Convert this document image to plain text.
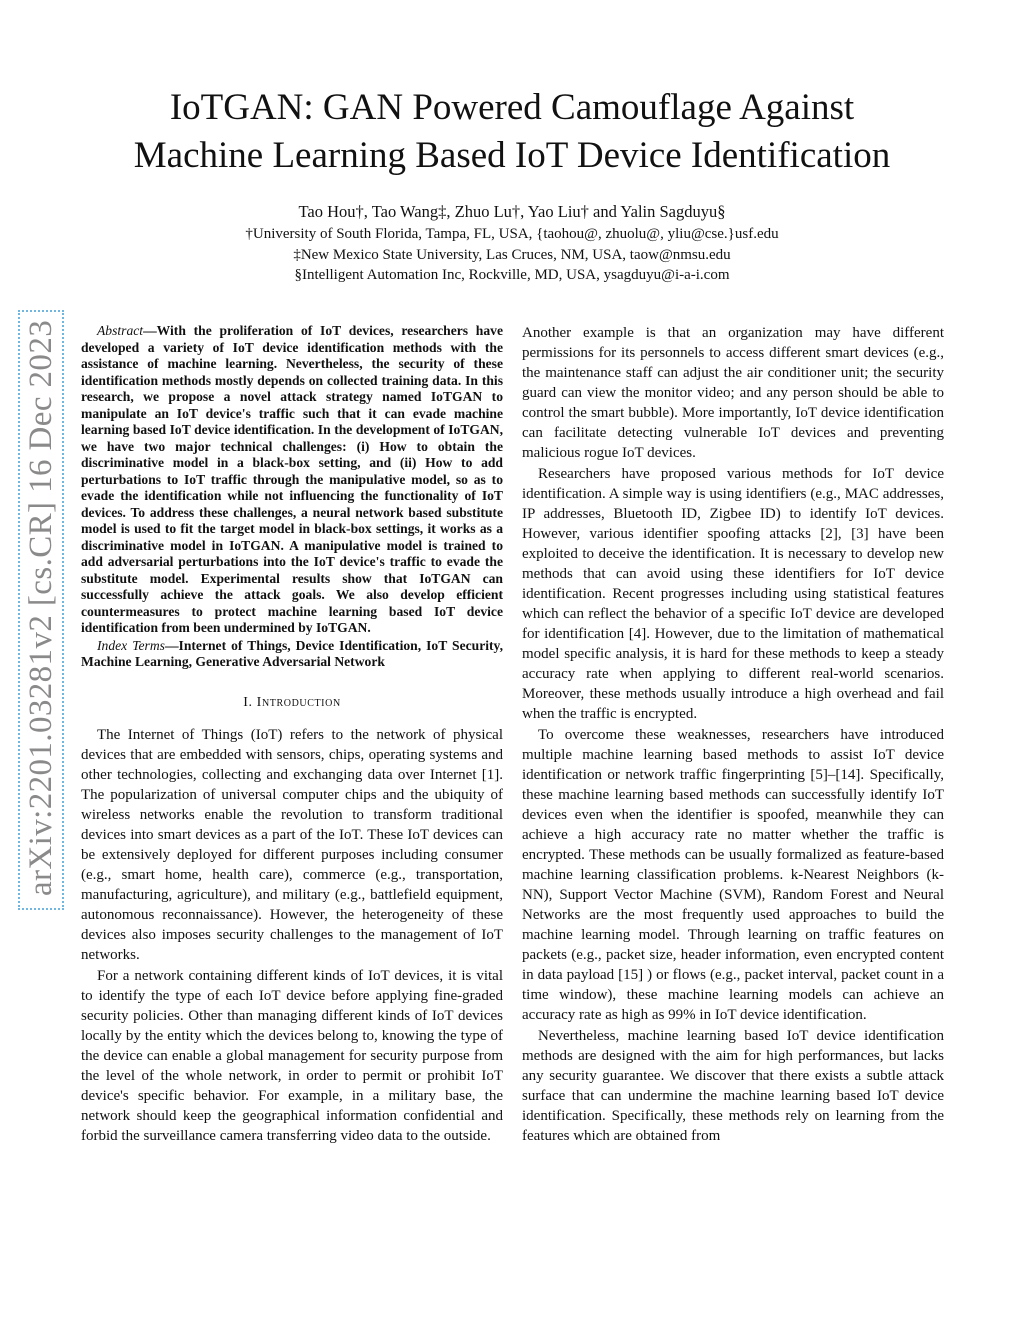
arXiv:2201.03281v2 [cs.CR] 16 Dec 2023
IoTGAN: GAN Powered Camouflage Against
Machine Learning Based IoT Device Identification
Tao Hou†, Tao Wang‡, Zhuo Lu†, Yao Liu† and Yalin Sagduyu§
†University of South Florida, Tampa, FL, USA, {taohou@, zhuolu@, yliu@cse.}usf.edu
‡New Mexico State University, Las Cruces, NM, USA, taow@nmsu.edu
§Intelligent Automation Inc, Rockville, MD, USA, ysagduyu@i-a-i.com

Abstract—With the proliferation of IoT devices, researchers have developed a variety of IoT device identification methods with the assistance of machine learning. Nevertheless, the security of these identification methods mostly depends on collected training data. In this research, we propose a novel attack strategy named IoTGAN to manipulate an IoT device's traffic such that it can evade machine learning based IoT device identification. In the development of IoTGAN, we have two major technical challenges: (i) How to obtain the discriminative model in a black-box setting, and (ii) How to add perturbations to IoT traffic through the manipulative model, so as to evade the identification while not influencing the functionality of IoT devices. To address these challenges, a neural network based substitute model is used to fit the target model in black-box settings, it works as a discriminative model in IoTGAN. A manipulative model is trained to add adversarial perturbations into the IoT device's traffic to evade the substitute model. Experimental results show that IoTGAN can successfully achieve the attack goals. We also develop efficient countermeasures to protect machine learning based IoT device identification from been undermined by IoTGAN.

Index Terms—Internet of Things, Device Identification, IoT Security, Machine Learning, Generative Adversarial Network

I. Introduction

The Internet of Things (IoT) refers to the network of physical devices that are embedded with sensors, chips, operating systems and other technologies, collecting and exchanging data over Internet [1]. The popularization of universal computer chips and the ubiquity of wireless networks enable the revolution to transform traditional devices into smart devices as a part of the IoT. These IoT devices can be extensively deployed for different purposes including consumer (e.g., smart home, health care), commerce (e.g., transportation, manufacturing, agriculture), and military (e.g., battlefield equipment, autonomous reconnaissance). However, the heterogeneity of these devices also imposes security challenges to the management of IoT networks.

For a network containing different kinds of IoT devices, it is vital to identify the type of each IoT device before applying fine-graded security policies. Other than managing different kinds of IoT devices locally by the entity which the devices belong to, knowing the type of the device can enable a global management for security purpose from the level of the whole network, in order to permit or prohibit IoT device's specific behavior. For example, in a military base, the network should keep the geographical information confidential and forbid the surveillance camera transferring video data to the outside.

Another example is that an organization may have different permissions for its personnels to access different smart devices (e.g., the maintenance staff can adjust the air conditioner unit; the security guard can view the monitor video; and any person should be able to control the smart bubble). More importantly, IoT device identification can facilitate detecting vulnerable IoT devices and preventing malicious rogue IoT devices.

Researchers have proposed various methods for IoT device identification. A simple way is using identifiers (e.g., MAC addresses, IP addresses, Bluetooth ID, Zigbee ID) to identify IoT devices. However, various identifier spoofing attacks [2], [3] have been exploited to deceive the identification. It is necessary to develop new methods that can avoid using these identifiers for IoT device identification. Recent progresses including using statistical features which can reflect the behavior of a specific IoT device are developed for identification [4]. However, due to the limitation of mathematical model specific analysis, it is hard for these methods to keep a steady accuracy rate when applying to different real-world scenarios. Moreover, these methods usually introduce a high overhead and fail when the traffic is encrypted.

To overcome these weaknesses, researchers have introduced multiple machine learning based methods to assist IoT device identification or network traffic fingerprinting [5]–[14]. Specifically, these machine learning based methods can successfully identify IoT devices even when the identifier is spoofed, meanwhile they can achieve a high accuracy rate no matter whether the traffic is encrypted. These methods can be usually formalized as feature-based machine learning classification problems. k-Nearest Neighbors (k-NN), Support Vector Machine (SVM), Random Forest and Neural Networks are the most frequently used approaches to build the machine learning model. Through learning on traffic features on packets (e.g., packet size, header information, even encrypted content in data payload [15] ) or flows (e.g., packet interval, packet count in a time window), these machine learning models can achieve an accuracy rate as high as 99% in IoT device identification.

Nevertheless, machine learning based IoT device identification methods are designed with the aim for high performances, but lacks any security guarantee. We discover that there exists a subtle attack surface that can undermine the machine learning based IoT device identification. Specifically, these methods rely on learning from the features which are obtained from
